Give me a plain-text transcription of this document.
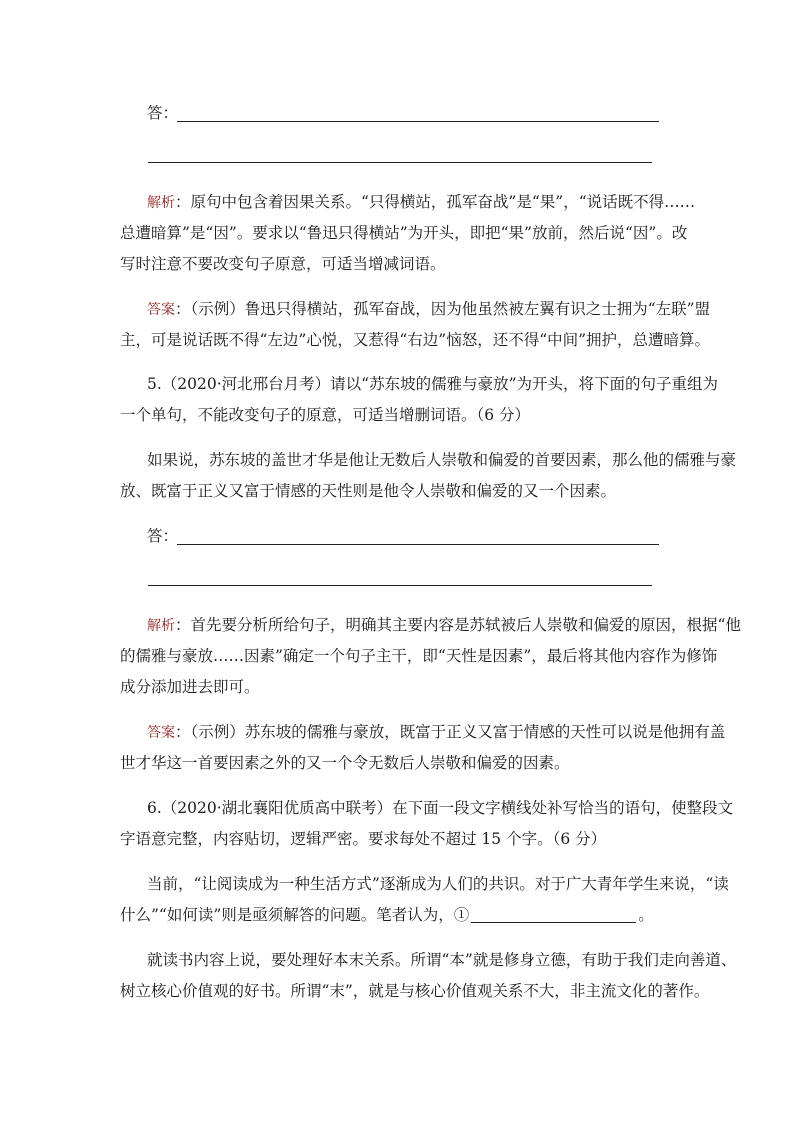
答：
解析：原句中包含着因果关系。“只得横站，孤军奋战”是“果”，“说话既不得……
总遭暗算”是“因”。要求以“鲁迅只得横站”为开头，即把“果”放前，然后说“因”。改
写时注意不要改变句子原意，可适当增减词语。
答案：（示例）鲁迅只得横站，孤军奋战，因为他虽然被左翼有识之士拥为“左联”盟
主，可是说话既不得“左边”心悦，又惹得“右边”恼怒，还不得“中间”拥护，总遭暗算。
5.（2020·河北邢台月考）请以“苏东坡的儒雅与豪放”为开头，将下面的句子重组为
一个单句，不能改变句子的原意，可适当增删词语。（6 分）
如果说，苏东坡的盖世才华是他让无数后人崇敬和偏爱的首要因素，那么他的儒雅与豪
放、既富于正义又富于情感的天性则是他令人崇敬和偏爱的又一个因素。
答：
解析：首先要分析所给句子，明确其主要内容是苏轼被后人崇敬和偏爱的原因，根据“他
的儒雅与豪放……因素”确定一个句子主干，即“天性是因素”，最后将其他内容作为修饰
成分添加进去即可。
答案：（示例）苏东坡的儒雅与豪放，既富于正义又富于情感的天性可以说是他拥有盖
世才华这一首要因素之外的又一个令无数后人崇敬和偏爱的因素。
6.（2020·湖北襄阳优质高中联考）在下面一段文字横线处补写恰当的语句，使整段文
字语意完整，内容贴切，逻辑严密。要求每处不超过 15 个字。（6 分）
当前，“让阅读成为一种生活方式”逐渐成为人们的共识。对于广大青年学生来说，“读
什么”“如何读”则是亟须解答的问题。笔者认为，①	。
就读书内容上说，要处理好本末关系。所谓“本”就是修身立德，有助于我们走向善道、
树立核心价值观的好书。所谓“末”，就是与核心价值观关系不大，非主流文化的著作。
